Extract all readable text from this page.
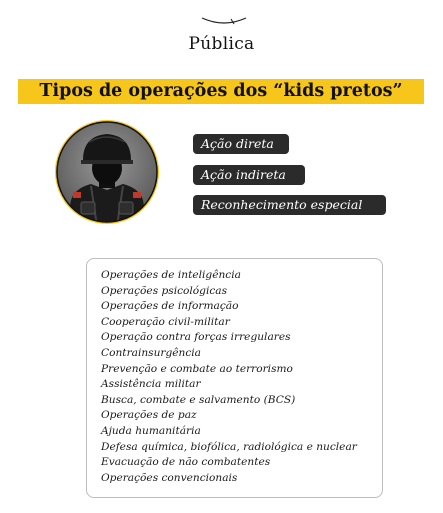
Pública
Tipos de operações dos “kids pretos”
Ação direta
Ação indireta
Reconhecimento especial
Operações de inteligência
Operações psicológicas
Operações de informação
Cooperação civil-militar
Operação contra forças irregulares
Contrainsurgência
Prevenção e combate ao terrorismo
Assistência militar
Busca, combate e salvamento (BCS)
Operações de paz
Ajuda humanitária
Defesa química, biofólica, radiológica e nuclear
Evacuação de não combatentes
Operações convencionais
